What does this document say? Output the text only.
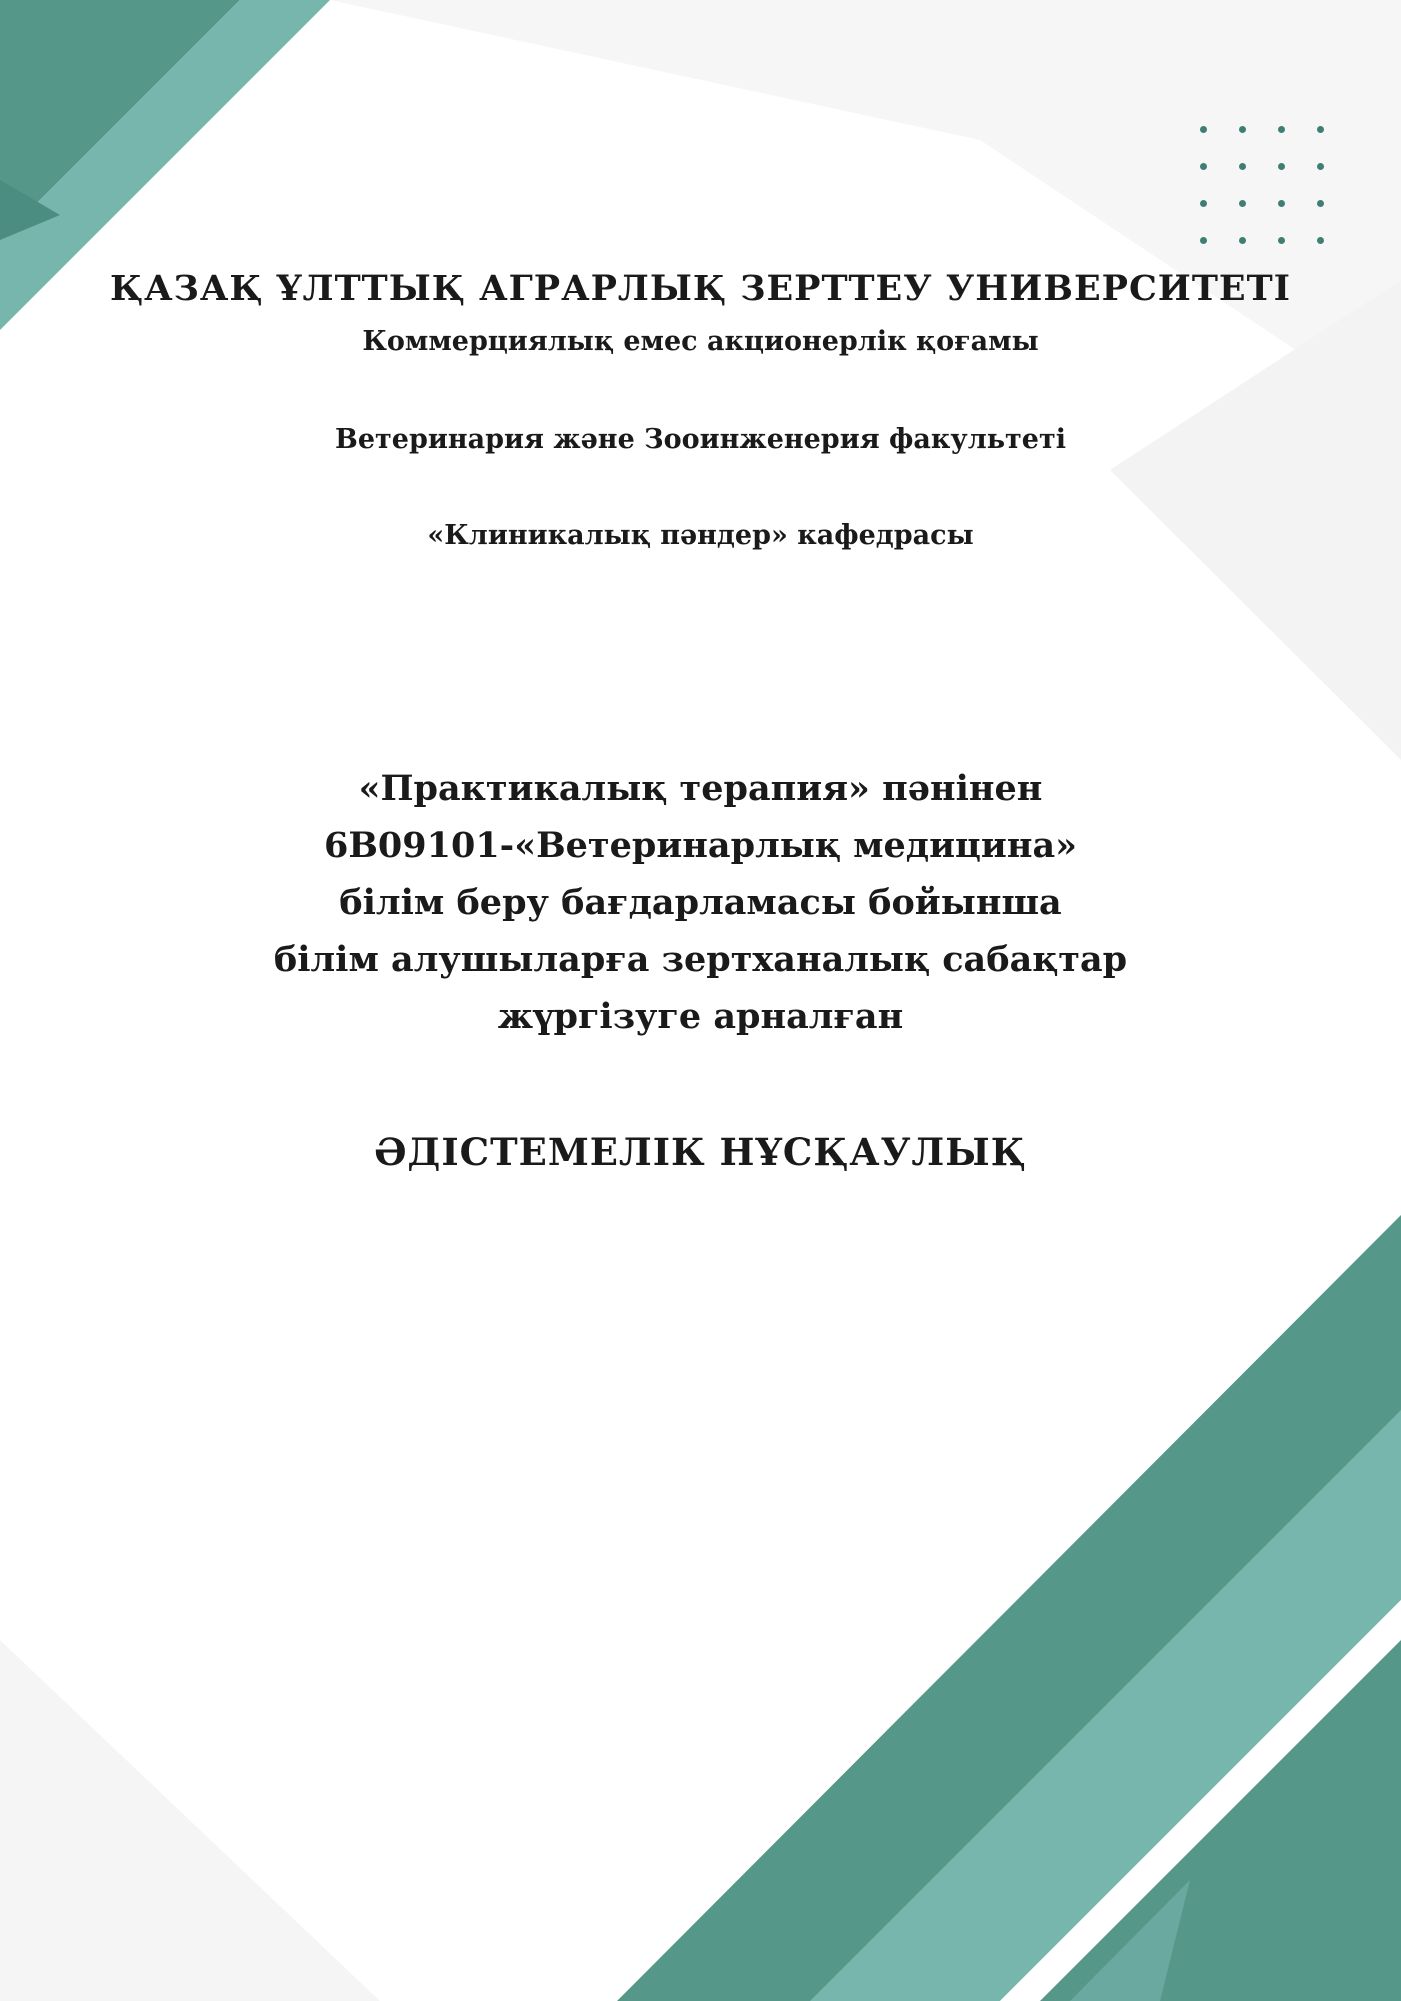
ҚАЗАҚ ҰЛТТЫҚ АГРАРЛЫҚ ЗЕРТТЕУ УНИВЕРСИТЕТІ

Коммерциялық емес акционерлік қоғамы

Ветеринария және Зооинженерия факультеті

«Клиникалық пәндер» кафедрасы

«Практикалық терапия» пәнінен
6В09101-«Ветеринарлық медицина»
білім беру бағдарламасы бойынша
білім алушыларға зертханалық сабақтар
жүргізуге арналған
ӘДІСТЕМЕЛІК НҰСҚАУЛЫҚ
